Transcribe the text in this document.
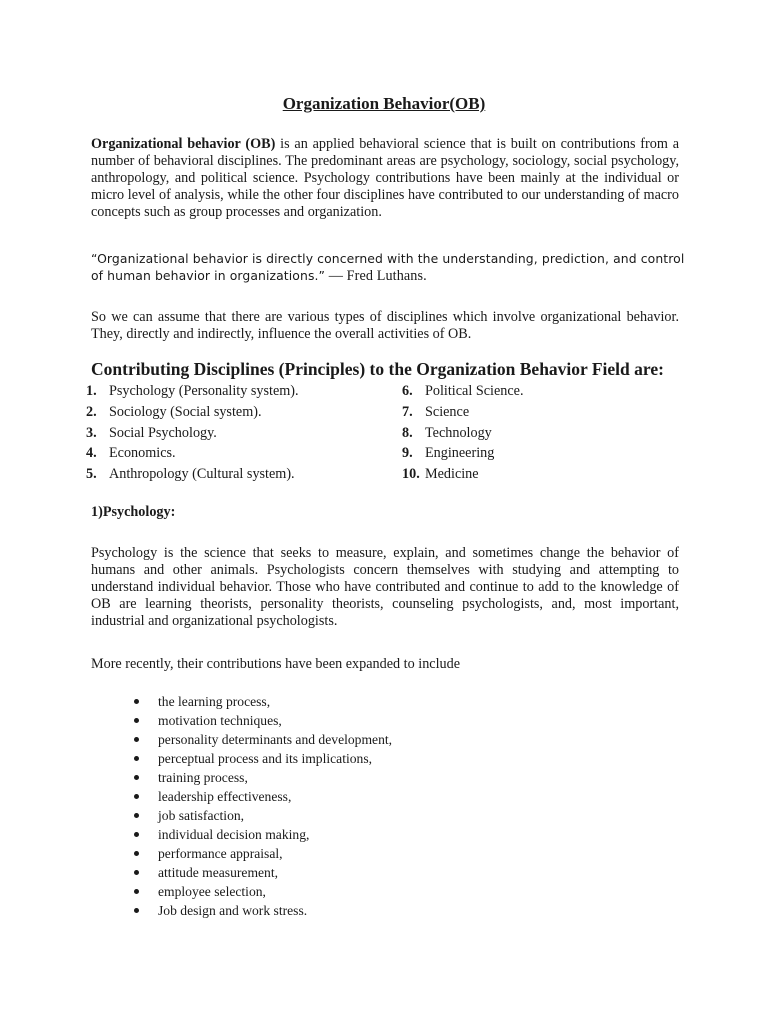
Organization Behavior(OB)

Organizational behavior (OB) is an applied behavioral science that is built on contributions from a number of behavioral disciplines. The predominant areas are psychology, sociology, social psychology, anthropology, and political science. Psychology contributions have been mainly at the individual or micro level of analysis, while the other four disciplines have contributed to our understanding of macro concepts such as group processes and organization.

“Organizational behavior is directly concerned with the understanding, prediction, and control of human behavior in organizations.” — Fred Luthans.

So we can assume that there are various types of disciplines which involve organizational behavior. They, directly and indirectly, influence the overall activities of OB.

Contributing Disciplines (Principles) to the Organization Behavior Field are:
1. Psychology (Personality system).
2. Sociology (Social system).
3. Social Psychology.
4. Economics.
5. Anthropology (Cultural system).
6. Political Science.
7. Science
8. Technology
9. Engineering
10. Medicine
1)Psychology:

Psychology is the science that seeks to measure, explain, and sometimes change the behavior of humans and other animals. Psychologists concern themselves with studying and attempting to understand individual behavior. Those who have contributed and continue to add to the knowledge of OB are learning theorists, personality theorists, counseling psychologists, and, most important, industrial and organizational psychologists.

More recently, their contributions have been expanded to include

the learning process,
motivation techniques,
personality determinants and development,
perceptual process and its implications,
training process,
leadership effectiveness,
job satisfaction,
individual decision making,
performance appraisal,
attitude measurement,
employee selection,
Job design and work stress.
